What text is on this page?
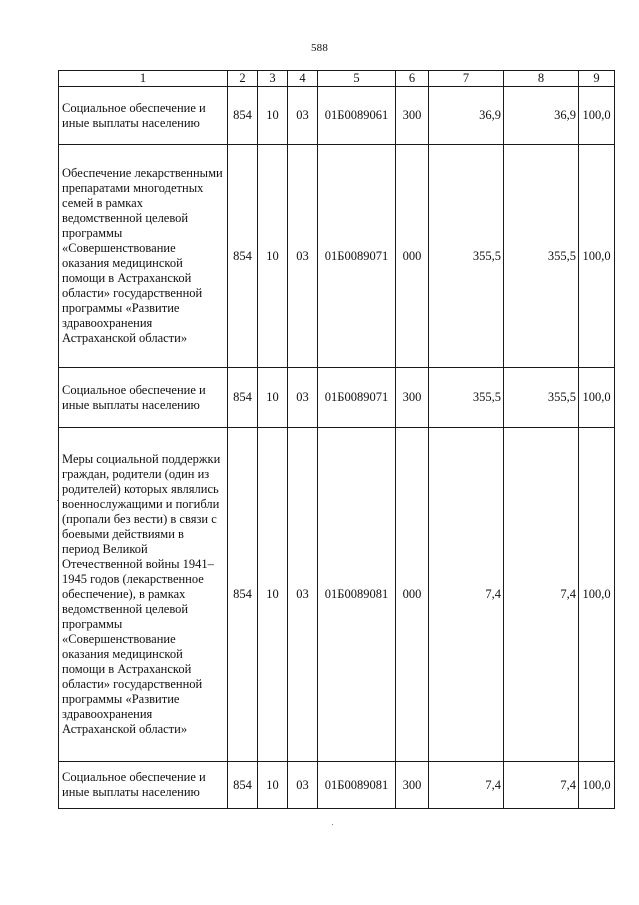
588
1	2	3	4	5	6	7	8	9
Социальное обеспечение и иные выплаты населению	854	10	03	01Б0089061	300	36,9	36,9	100,0
Обеспечение лекарственными препаратами многодетных семей в рамках ведомственной целевой программы «Совершенствование оказания медицинской помощи в Астраханской области» государственной программы «Развитие здравоохранения Астраханской области»	854	10	03	01Б0089071	000	355,5	355,5	100,0
Социальное обеспечение и иные выплаты населению	854	10	03	01Б0089071	300	355,5	355,5	100,0
Меры социальной поддержки граждан, родители (один из родителей) которых являлись военнослужащими и погибли (пропали без вести) в связи с боевыми действиями в период Великой Отечественной войны 1941–1945 годов (лекарственное обеспечение), в рамках ведомственной целевой программы «Совершенствование оказания медицинской помощи в Астраханской области» государственной программы «Развитие здравоохранения Астраханской области»	854	10	03	01Б0089081	000	7,4	7,4	100,0
Социальное обеспечение и иные выплаты населению	854	10	03	01Б0089081	300	7,4	7,4	100,0
